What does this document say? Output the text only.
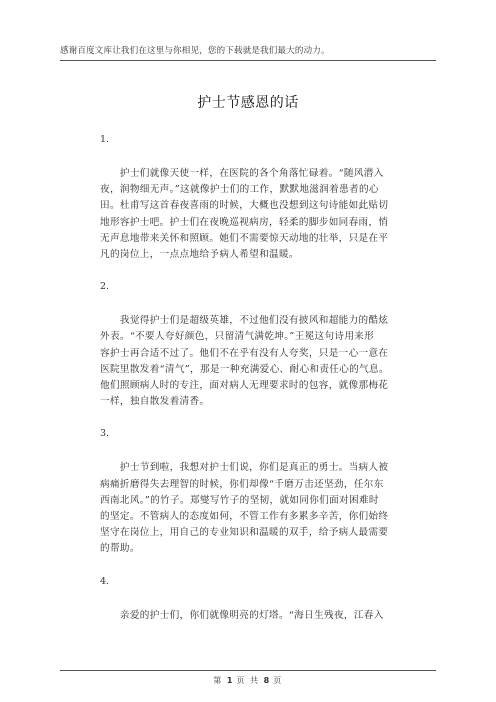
感谢百度文库让我们在这里与你相见，您的下载就是我们最大的动力。
护士节感恩的话
1.
　　护士们就像天使一样，在医院的各个角落忙碌着。“随风潜入
夜，润物细无声。”这就像护士们的工作，默默地滋润着患者的心
田。杜甫写这首春夜喜雨的时候，大概也没想到这句诗能如此贴切
地形容护士吧。护士们在夜晚巡视病房，轻柔的脚步如同春雨，悄
无声息地带来关怀和照顾。她们不需要惊天动地的壮举，只是在平
凡的岗位上，一点点地给予病人希望和温暖。
2.
　　我觉得护士们是超级英雄，不过他们没有披风和超能力的酷炫
外表。“不要人夸好颜色，只留清气满乾坤。”王冕这句诗用来形
容护士再合适不过了。他们不在乎有没有人夸奖，只是一心一意在
医院里散发着“清气”，那是一种充满爱心、耐心和责任心的气息。
他们照顾病人时的专注，面对病人无理要求时的包容，就像那梅花
一样，独自散发着清香。
3.
　　护士节到啦，我想对护士们说，你们是真正的勇士。当病人被
病痛折磨得失去理智的时候，你们却像“千磨万击还坚劲，任尔东
西南北风。”的竹子。郑燮写竹子的坚韧，就如同你们面对困难时
的坚定。不管病人的态度如何，不管工作有多累多辛苦，你们始终
坚守在岗位上，用自己的专业知识和温暖的双手，给予病人最需要
的帮助。
4.
　　亲爱的护士们，你们就像明亮的灯塔。“海日生残夜，江春入
第 1 页 共 8 页
